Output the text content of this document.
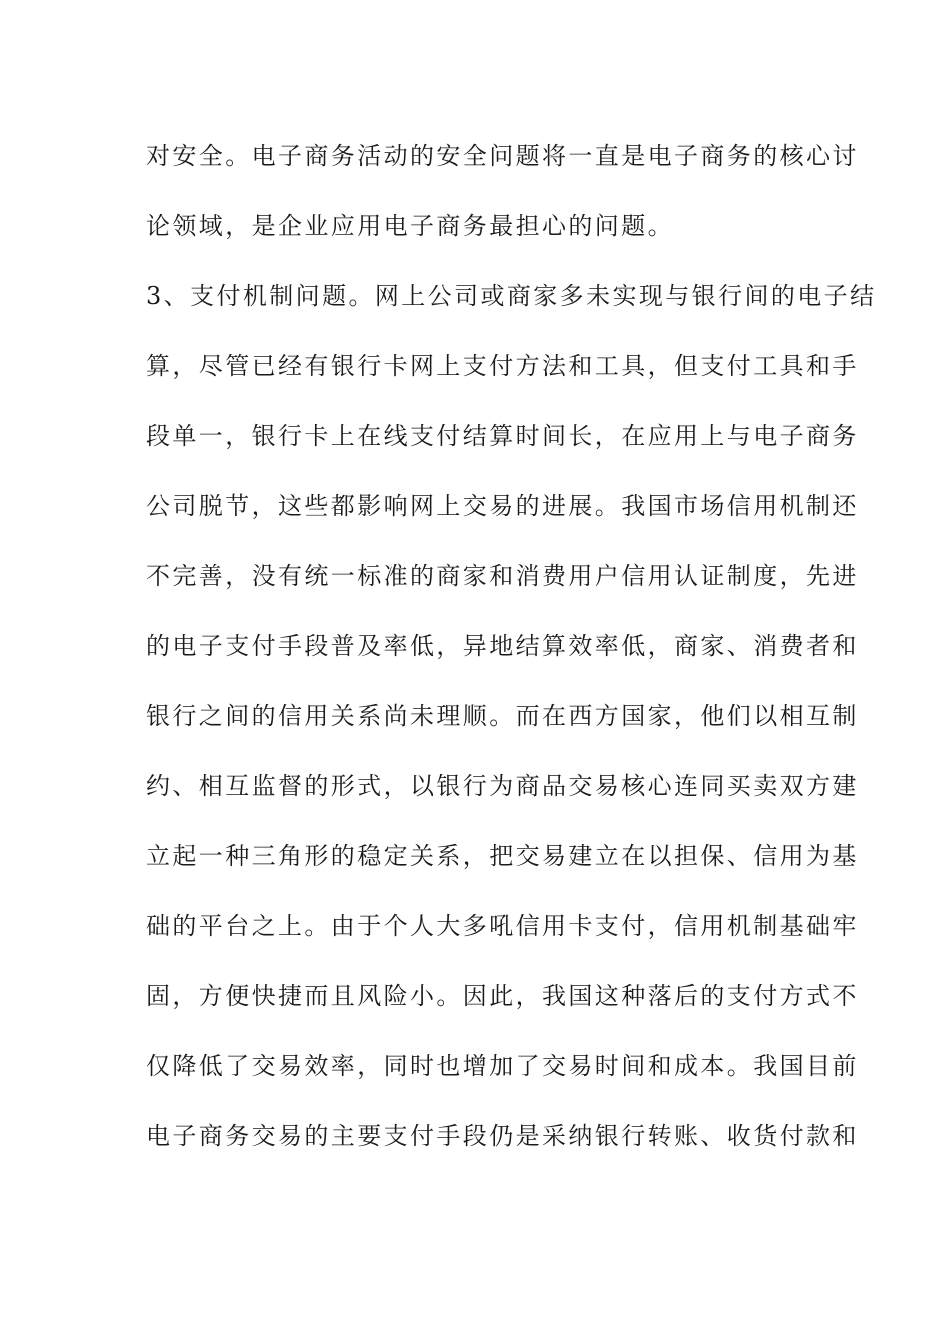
对安全。电子商务活动的安全问题将一直是电子商务的核心讨
论领域，是企业应用电子商务最担心的问题。
3、支付机制问题。网上公司或商家多未实现与银行间的电子结
算，尽管已经有银行卡网上支付方法和工具，但支付工具和手
段单一，银行卡上在线支付结算时间长，在应用上与电子商务
公司脱节，这些都影响网上交易的进展。我国市场信用机制还
不完善，没有统一标准的商家和消费用户信用认证制度，先进
的电子支付手段普及率低，异地结算效率低，商家、消费者和
银行之间的信用关系尚未理顺。而在西方国家，他们以相互制
约、相互监督的形式，以银行为商品交易核心连同买卖双方建
立起一种三角形的稳定关系，把交易建立在以担保、信用为基
础的平台之上。由于个人大多吼信用卡支付，信用机制基础牢
固，方便快捷而且风险小。因此，我国这种落后的支付方式不
仅降低了交易效率，同时也增加了交易时间和成本。我国目前
电子商务交易的主要支付手段仍是采纳银行转账、收货付款和
